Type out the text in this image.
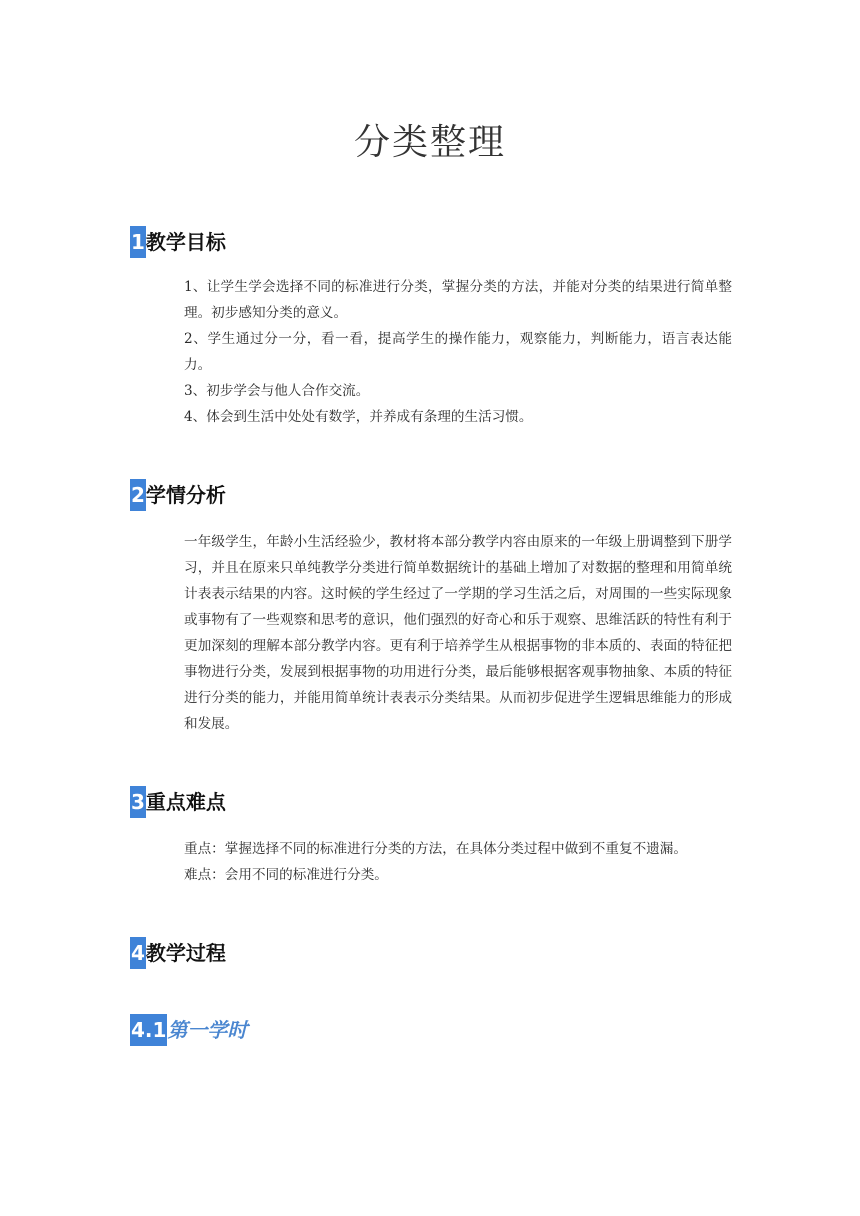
分类整理
1 教学目标

1、让学生学会选择不同的标准进行分类，掌握分类的方法，并能对分类的结果进行简单整理。初步感知分类的意义。

2、学生通过分一分，看一看，提高学生的操作能力，观察能力，判断能力，语言表达能力。

3、初步学会与他人合作交流。

4、体会到生活中处处有数学，并养成有条理的生活习惯。

2 学情分析

一年级学生，年龄小生活经验少，教材将本部分教学内容由原来的一年级上册调整到下册学习，并且在原来只单纯教学分类进行简单数据统计的基础上增加了对数据的整理和用简单统计表表示结果的内容。这时候的学生经过了一学期的学习生活之后，对周围的一些实际现象或事物有了一些观察和思考的意识，他们强烈的好奇心和乐于观察、思维活跃的特性有利于更加深刻的理解本部分教学内容。更有利于培养学生从根据事物的非本质的、表面的特征把事物进行分类，发展到根据事物的功用进行分类，最后能够根据客观事物抽象、本质的特征进行分类的能力，并能用简单统计表表示分类结果。从而初步促进学生逻辑思维能力的形成和发展。

3 重点难点

重点：掌握选择不同的标准进行分类的方法，在具体分类过程中做到不重复不遗漏。

难点：会用不同的标准进行分类。

4 教学过程
4.1 第一学时
